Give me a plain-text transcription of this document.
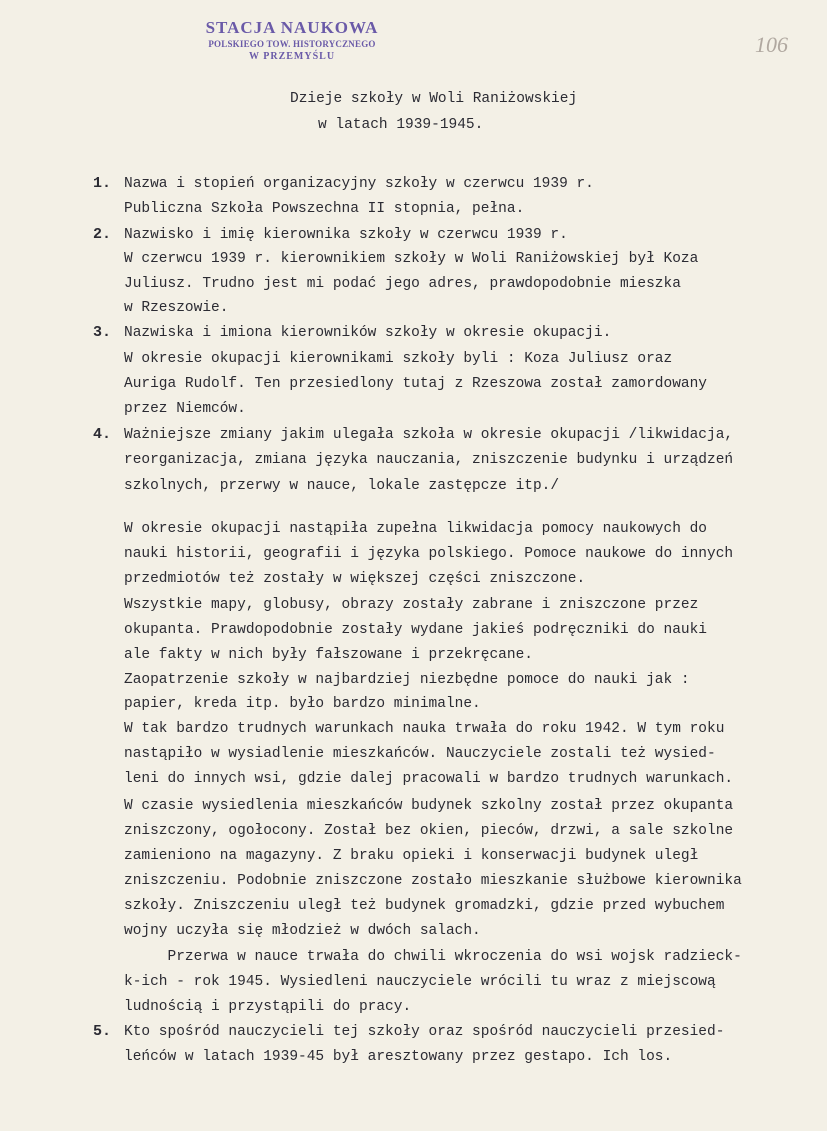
STACJA NAUKOWA
POLSKIEGO TOW. HISTORYCZNEGO
W PRZEMYŚLU	106
Dzieje szkoły w Woli Raniżowskiej
w latach 1939-1945.
1. Nazwa i stopień organizacyjny szkoły w czerwcu 1939 r.
Publiczna Szkoła Powszechna II stopnia, pełna.
2. Nazwisko i imię kierownika szkoły w czerwcu 1939 r.
W czerwcu 1939 r. kierownikiem szkoły w Woli Raniżowskiej był Koza
Juliusz. Trudno jest mi podać jego adres, prawdopodobnie mieszka
w Rzeszowie.
3. Nazwiska i imiona kierowników szkoły w okresie okupacji.
W okresie okupacji kierownikami szkoły byli : Koza Juliusz oraz
Auriga Rudolf. Ten przesiedlony tutaj z Rzeszowa został zamordowany
przez Niemców.
4. Ważniejsze zmiany jakim ulegała szkoła w okresie okupacji /likwidacja,
reorganizacja, zmiana języka nauczania, zniszczenie budynku i urządzeń
szkolnych, przerwy w nauce, lokale zastępcze itp./
W okresie okupacji nastąpiła zupełna likwidacja pomocy naukowych do
nauki historii, geografii i języka polskiego. Pomoce naukowe do innych
przedmiotów też zostały w większej części zniszczone.
Wszystkie mapy, globusy, obrazy zostały zabrane i zniszczone przez
okupanta. Prawdopodobnie zostały wydane jakieś podręczniki do nauki
ale fakty w nich były fałszowane i przekręcane.
Zaopatrzenie szkoły w najbardziej niezbędne pomoce do nauki jak :
papier, kreda itp. było bardzo minimalne.
W tak bardzo trudnych warunkach nauka trwała do roku 1942. W tym roku
nastąpiło w wysiadlenie mieszkańców. Nauczyciele zostali też wysied-
leni do innych wsi, gdzie dalej pracowali w bardzo trudnych warunkach.
W czasie wysiedlenia mieszkańców budynek szkolny został przez okupanta
zniszczony, ogołocony. Został bez okien, pieców, drzwi, a sale szkolne
zamieniono na magazyny. Z braku opieki i konserwacji budynek uległ
zniszczeniu. Podobnie zniszczone zostało mieszkanie służbowe kierownika
szkoły. Zniszczeniu uległ też budynek gromadzki, gdzie przed wybuchem
wojny uczyła się młodzież w dwóch salach.
Przerwa w nauce trwała do chwili wkroczenia do wsi wojsk radzieck-
k-ich - rok 1945. Wysiedleni nauczyciele wrócili tu wraz z miejscową
ludnością i przystąpili do pracy.
5. Kto spośród nauczycieli tej szkoły oraz spośród nauczycieli przesied-
leńców w latach 1939-45 był aresztowany przez gestapo. Ich los.
